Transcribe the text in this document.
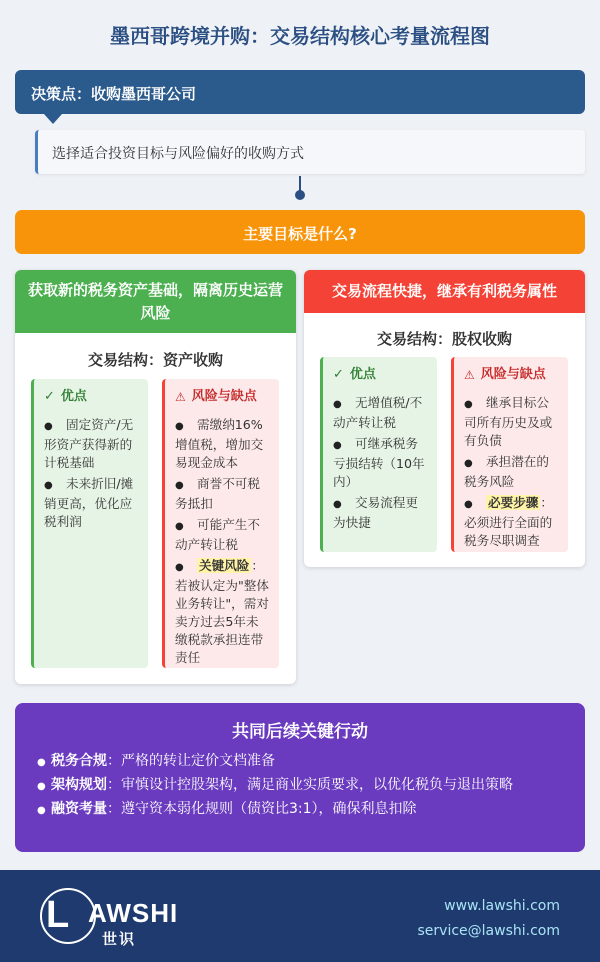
墨西哥跨境并购：交易结构核心考量流程图
决策点：收购墨西哥公司
选择适合投资目标与风险偏好的收购方式
主要目标是什么?
获取新的税务资产基础，隔离历史运营风险
交易结构：资产收购
✓ 优点
● 固定资产/无形资产获得新的计税基础
● 未来折旧/摊销更高，优化应税利润
⚠ 风险与缺点
● 需缴纳16%增值税，增加交易现金成本
● 商誉不可税务抵扣
● 可能产生不动产转让税
● 关键风险 ：若被认定为"整体业务转让"，需对卖方过去5年未缴税款承担连带责任
交易流程快捷，继承有利税务属性
交易结构：股权收购
✓ 优点
● 无增值税/不动产转让税
● 可继承税务亏损结转（10年内）
● 交易流程更为快捷
⚠ 风险与缺点
● 继承目标公司所有历史及或有负债
● 承担潜在的税务风险
● 必要步骤 ：必须进行全面的税务尽职调查
共同后续关键行动
● 税务合规：严格的转让定价文档准备
● 架构规划：审慎设计控股架构，满足商业实质要求，以优化税负与退出策略
● 融资考量：遵守资本弱化规则（债资比3:1），确保利息扣除
L AWSHI
世识
www.lawshi.com
service@lawshi.com
